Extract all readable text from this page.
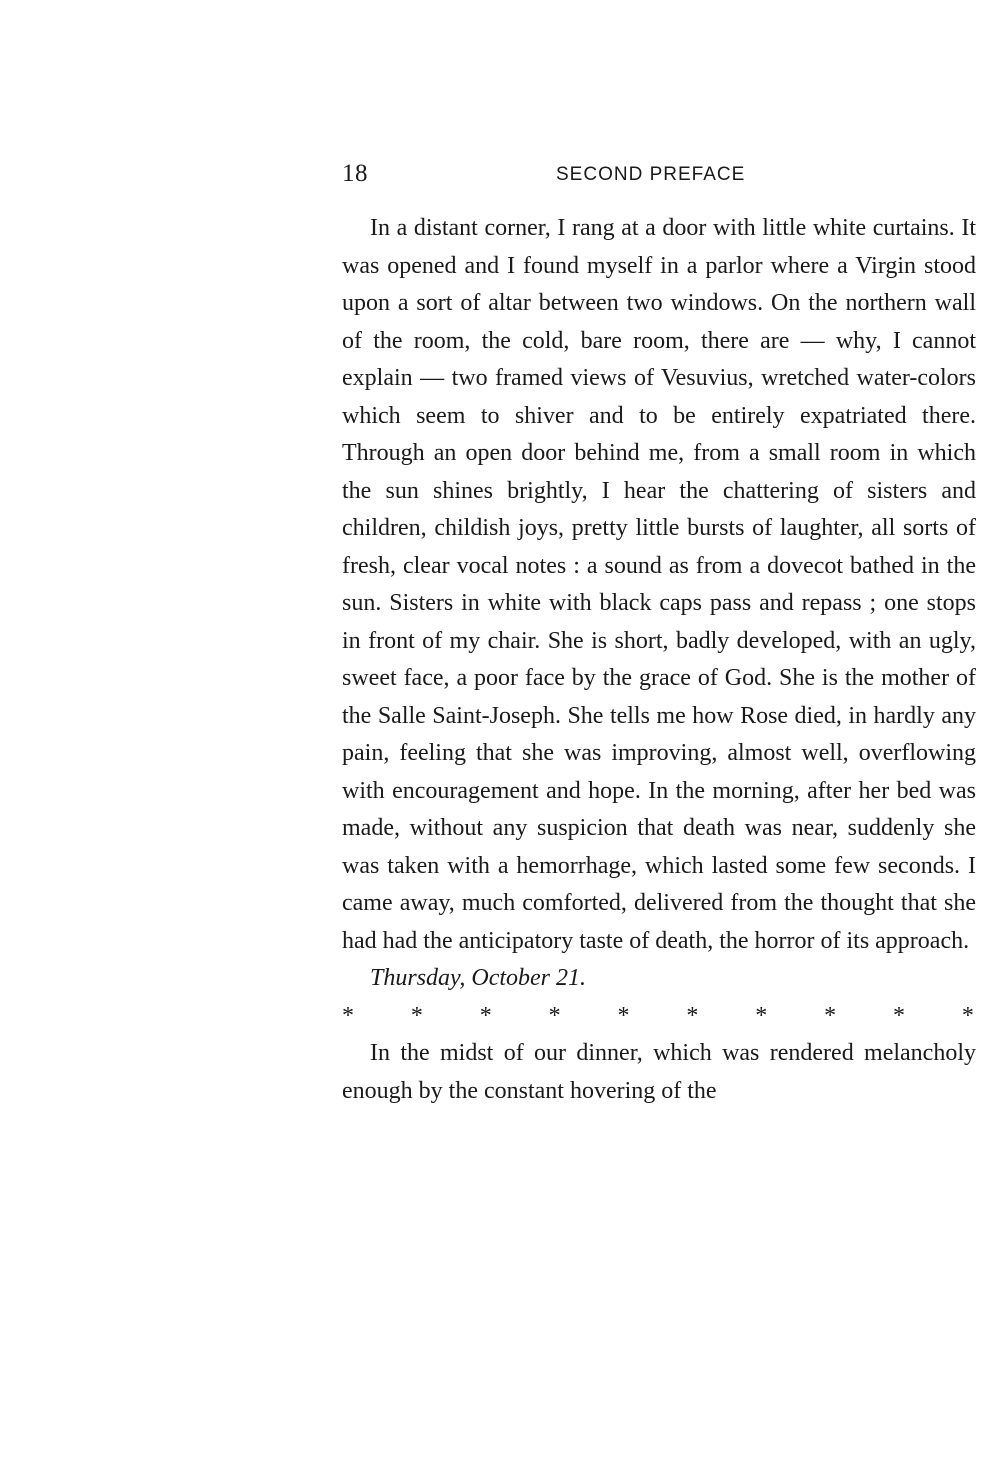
18	SECOND PREFACE

In a distant corner, I rang at a door with little white curtains. It was opened and I found myself in a parlor where a Virgin stood upon a sort of altar between two windows. On the northern wall of the room, the cold, bare room, there are — why, I cannot explain — two framed views of Vesuvius, wretched water-colors which seem to shiver and to be entirely expatriated there. Through an open door behind me, from a small room in which the sun shines brightly, I hear the chattering of sisters and children, childish joys, pretty little bursts of laughter, all sorts of fresh, clear vocal notes : a sound as from a dovecot bathed in the sun. Sisters in white with black caps pass and repass ; one stops in front of my chair. She is short, badly developed, with an ugly, sweet face, a poor face by the grace of God. She is the mother of the Salle Saint-Joseph. She tells me how Rose died, in hardly any pain, feeling that she was improving, almost well, overflowing with encouragement and hope. In the morning, after her bed was made, without any suspicion that death was near, suddenly she was taken with a hemorrhage, which lasted some few seconds. I came away, much comforted, delivered from the thought that she had had the anticipatory taste of death, the horror of its approach.

Thursday, October 21.

* * * * * * * * * *

In the midst of our dinner, which was rendered melancholy enough by the constant hovering of the
